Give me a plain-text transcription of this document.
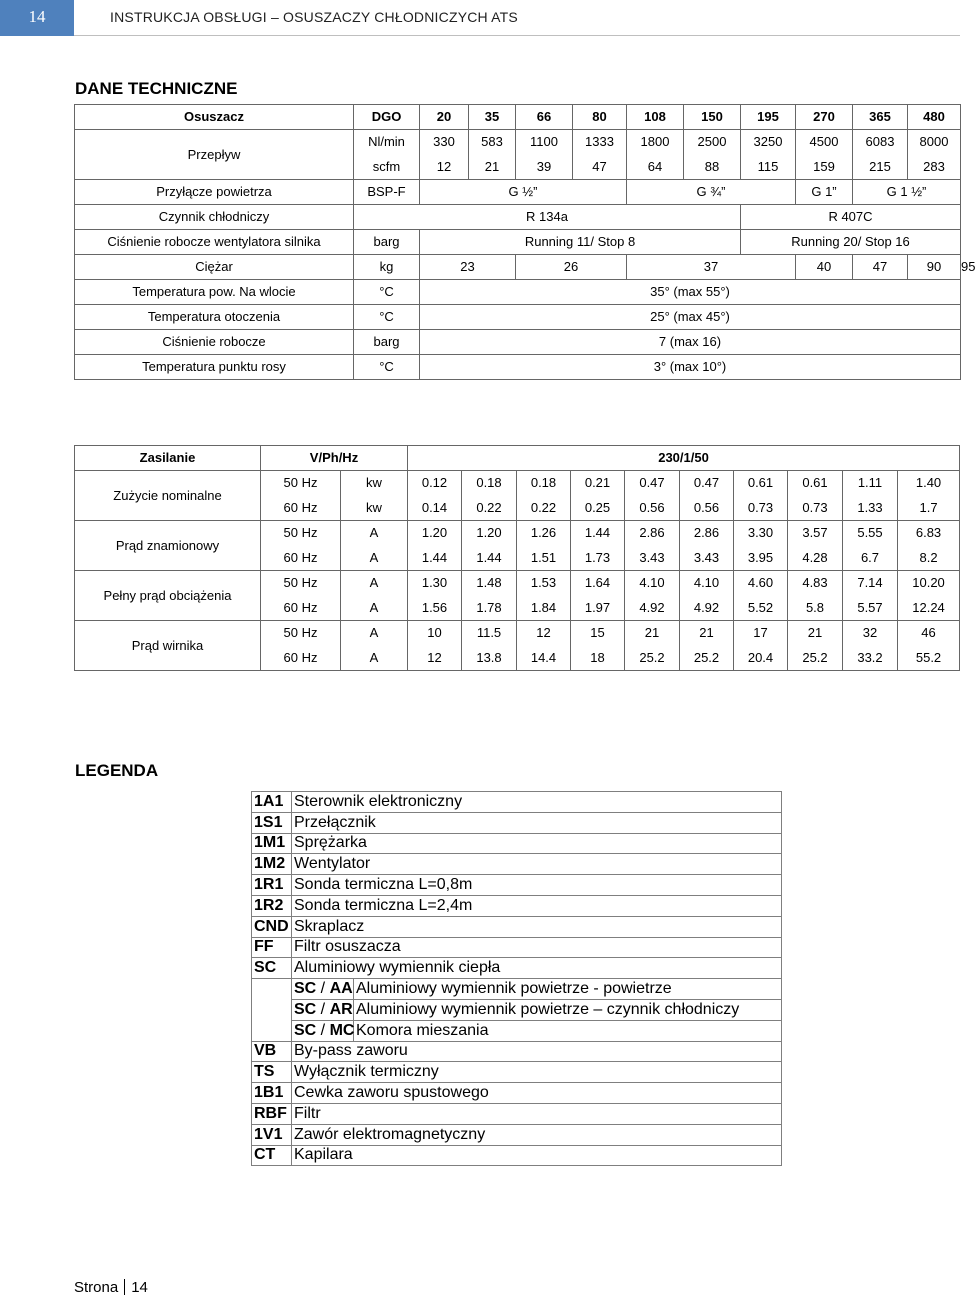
14	INSTRUKCJA OBSŁUGI – OSUSZACZY CHŁODNICZYCH ATS
DANE TECHNICZNE
Osuszacz	DGO	20	35	66	80	108	150	195	270	365	480	
Przepływ	Nl/min	330	583	1100	1333	1800	2500	3250	4500	6083	8000	
	scfm	12	21	39	47	64	88	115	159	215	283	
Przyłącze powietrza	BSP-F	G ½”				G ¾”			G 1”	G 1 ½”		
Czynnik chłodniczy	R 134a							R 407C				
Ciśnienie robocze wentylatora silnika	barg	Running 11/ Stop 8						Running 20/ Stop 16				
Ciężar	kg	23		26		37			40	47	90	95
Temperatura pow. Na wlocie	°C	35° (max 55°)										
Temperatura otoczenia	°C	25° (max 45°)										
Ciśnienie robocze	barg	7 (max 16)										
Temperatura punktu rosy	°C	3° (max 10°)										
Zasilanie	V/Ph/Hz		230/1/50									
Zużycie nominalne	50 Hz	kw	0.12	0.18	0.18	0.21	0.47	0.47	0.61	0.61	1.11	1.40
	60 Hz	kw	0.14	0.22	0.22	0.25	0.56	0.56	0.73	0.73	1.33	1.7
Prąd znamionowy	50 Hz	A	1.20	1.20	1.26	1.44	2.86	2.86	3.30	3.57	5.55	6.83
	60 Hz	A	1.44	1.44	1.51	1.73	3.43	3.43	3.95	4.28	6.7	8.2
Pełny prąd obciążenia	50 Hz	A	1.30	1.48	1.53	1.64	4.10	4.10	4.60	4.83	7.14	10.20
	60 Hz	A	1.56	1.78	1.84	1.97	4.92	4.92	5.52	5.8	5.57	12.24
Prąd wirnika	50 Hz	A	10	11.5	12	15	21	21	17	21	32	46
	60 Hz	A	12	13.8	14.4	18	25.2	25.2	20.4	25.2	33.2	55.2
LEGENDA
1A1	Sterownik elektroniczny	
1S1	Przełącznik	
1M1	Sprężarka	
1M2	Wentylator	
1R1	Sonda termiczna L=0,8m	
1R2	Sonda termiczna L=2,4m	
CND	Skraplacz	
FF	Filtr osuszacza	
SC	Aluminiowy wymiennik ciepła	
	SC / AA	Aluminiowy wymiennik powietrze - powietrze
	SC / AR	Aluminiowy wymiennik powietrze – czynnik chłodniczy
	SC / MC	Komora mieszania
VB	By-pass zaworu	
TS	Wyłącznik termiczny	
1B1	Cewka zaworu spustowego	
RBF	Filtr	
1V1	Zawór elektromagnetyczny	
CT	Kapilara	
Strona 14
